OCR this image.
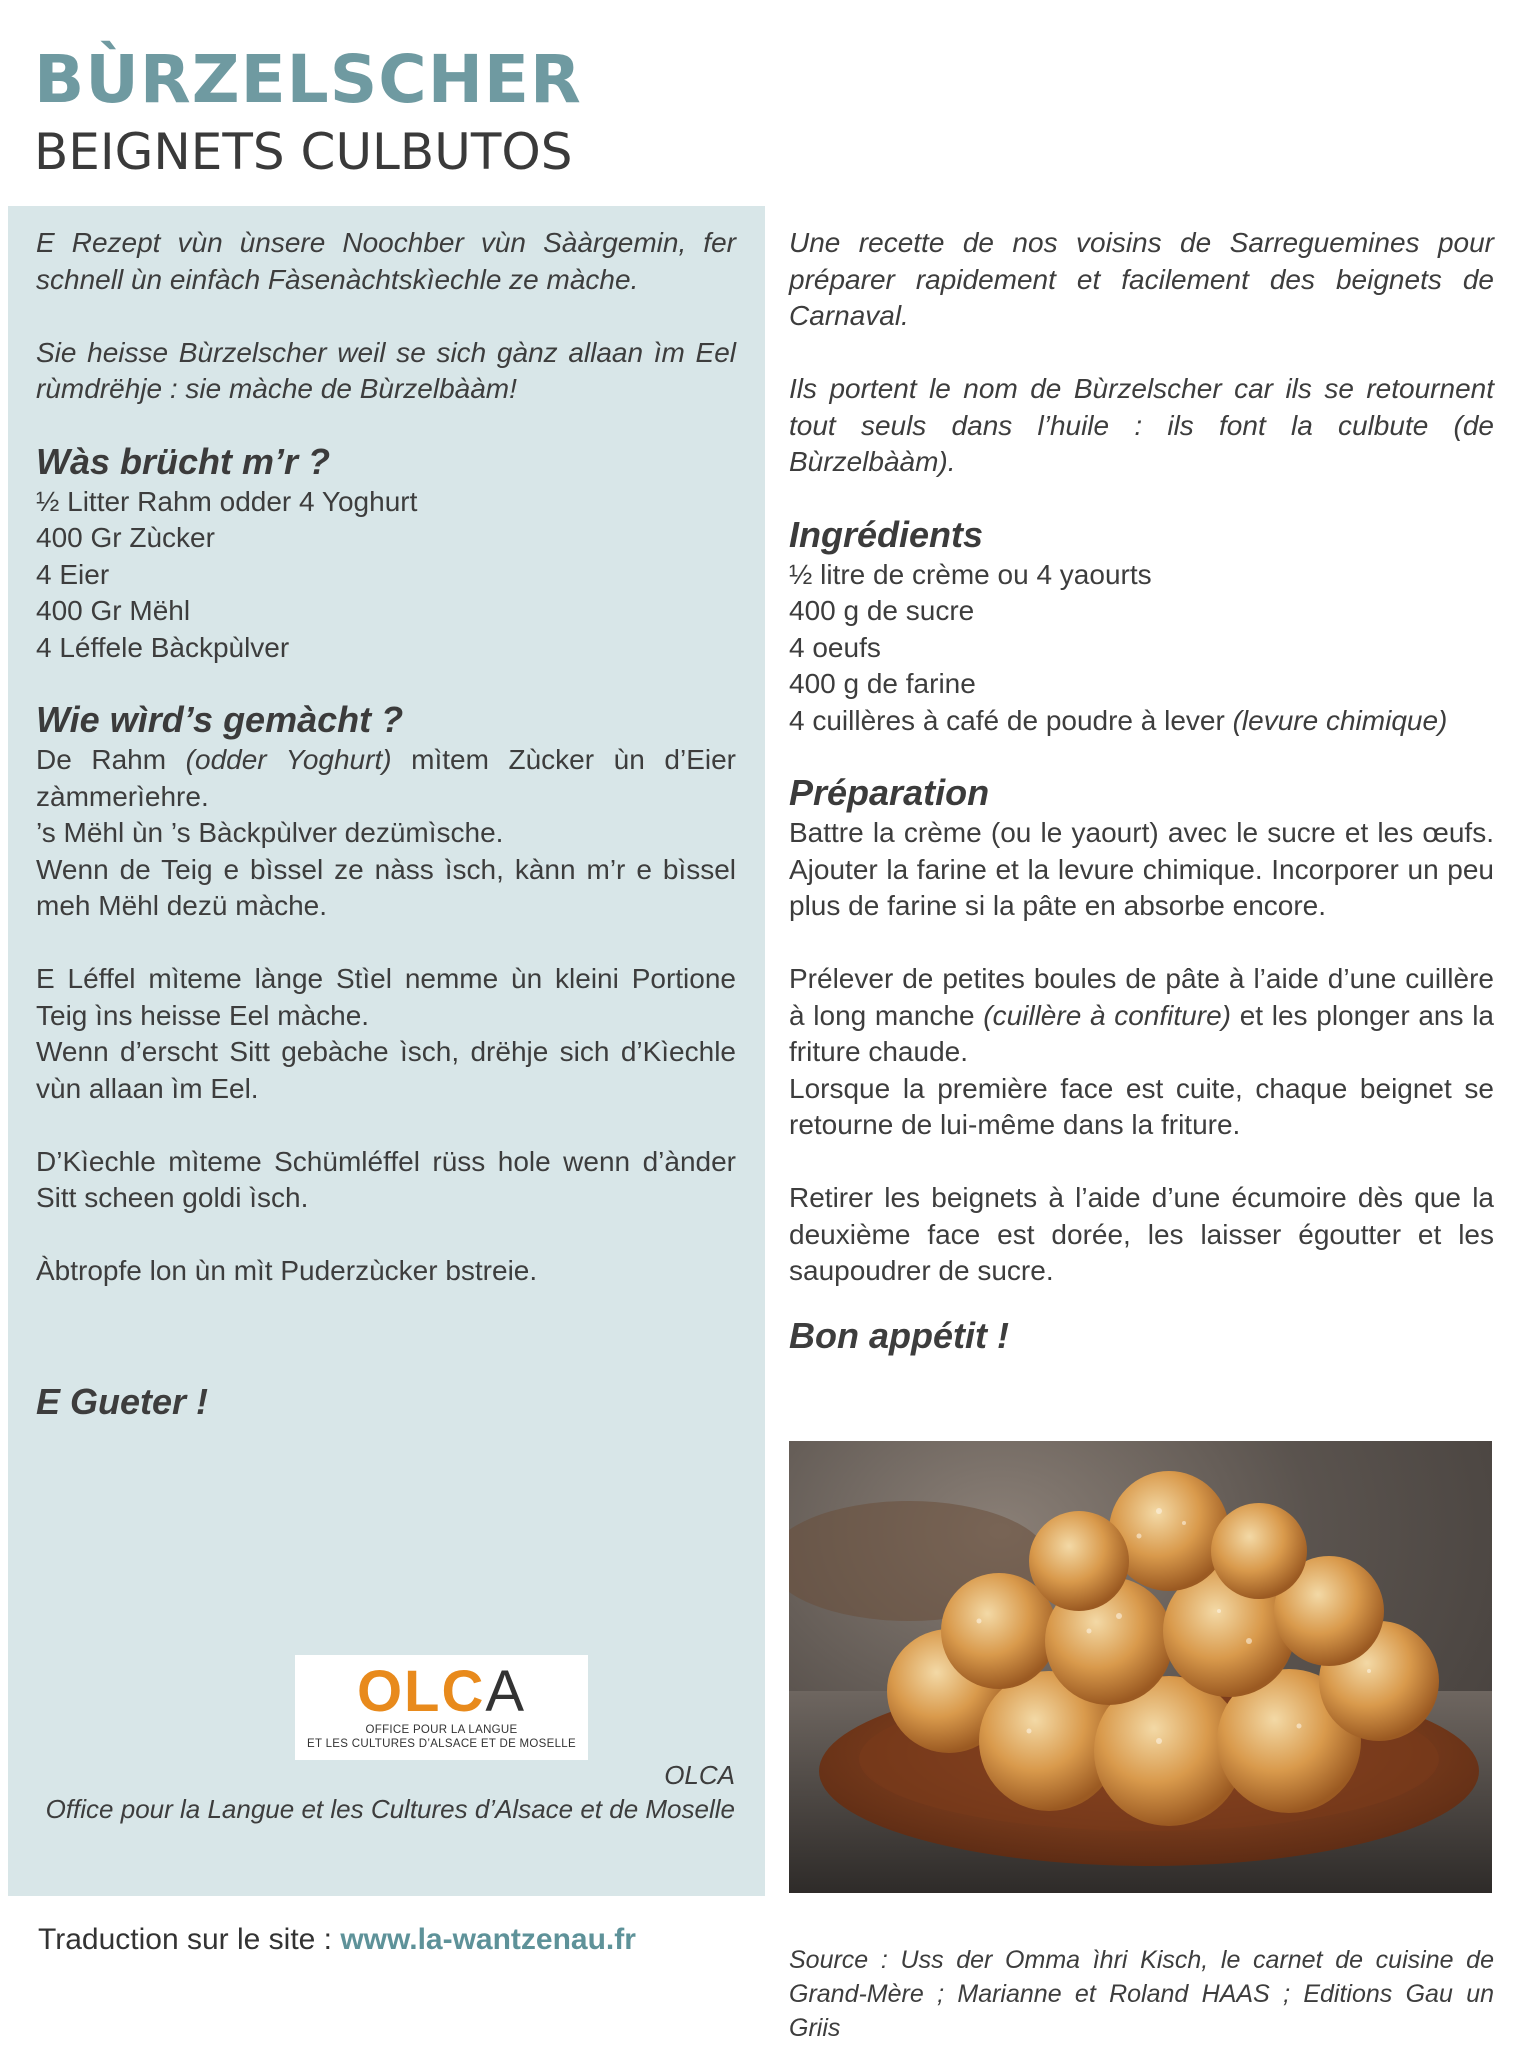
BÙRZELSCHER
BEIGNETS CULBUTOS

E Rezept vùn ùnsere Noochber vùn Sààrgemin, fer schnell ùn einfàch Fàsenàchtskìechle ze màche.

Sie heisse Bùrzelscher weil se sich gànz allaan ìm Eel rùmdrëhje : sie màche de Bùrzelbààm!

Wàs brücht m’r ?
½ Litter Rahm odder 4 Yoghurt
400 Gr Zùcker
4 Eier
400 Gr Mëhl
4 Léffele Bàckpùlver
Wie wìrd’s gemàcht ?

De Rahm (odder Yoghurt) mìtem Zùcker ùn d’Eier zàmmerìehre.

’s Mëhl ùn ’s Bàckpùlver dezümìsche.

Wenn de Teig e bìssel ze nàss ìsch, kànn m’r e bìssel meh Mëhl dezü màche.

E Léffel mìteme lànge Stìel nemme ùn kleini Portione Teig ìns heisse Eel màche.

Wenn d’erscht Sitt gebàche ìsch, drëhje sich d’Kìechle vùn allaan ìm Eel.

D’Kìechle mìteme Schümléffel rüss hole wenn d’ànder Sitt scheen goldi ìsch.

Àbtropfe lon ùn mìt Puderzùcker bstreie.

E Gueter !

OLCA
OFFICE POUR LA LANGUE
ET LES CULTURES D’ALSACE ET DE MOSELLE
OLCA
Office pour la Langue et les Cultures d’Alsace et de Moselle
Traduction sur le site : www.la-wantzenau.fr

Une recette de nos voisins de Sarreguemines pour préparer rapidement et facilement des beignets de Carnaval.

Ils portent le nom de Bùrzelscher car ils se retournent tout seuls dans l’huile : ils font la culbute (de Bùrzelbààm).

Ingrédients
½ litre de crème ou 4 yaourts
400 g de sucre
4 oeufs
400 g de farine
4 cuillères à café de poudre à lever (levure chimique)
Préparation

Battre la crème (ou le yaourt) avec le sucre et les œufs. Ajouter la farine et la levure chimique. Incorporer un peu plus de farine si la pâte en absorbe encore.

Prélever de petites boules de pâte à l’aide d’une cuillère à long manche (cuillère à confiture) et les plonger ans la friture chaude.

Lorsque la première face est cuite, chaque beignet se retourne de lui-même dans la friture.

Retirer les beignets à l’aide d’une écumoire dès que la deuxième face est dorée, les laisser égoutter et les saupoudrer de sucre.

Bon appétit !

Source : Uss der Omma ìhri Kisch, le carnet de cuisine de Grand-Mère ; Marianne et Roland HAAS ; Editions Gau un Griis
